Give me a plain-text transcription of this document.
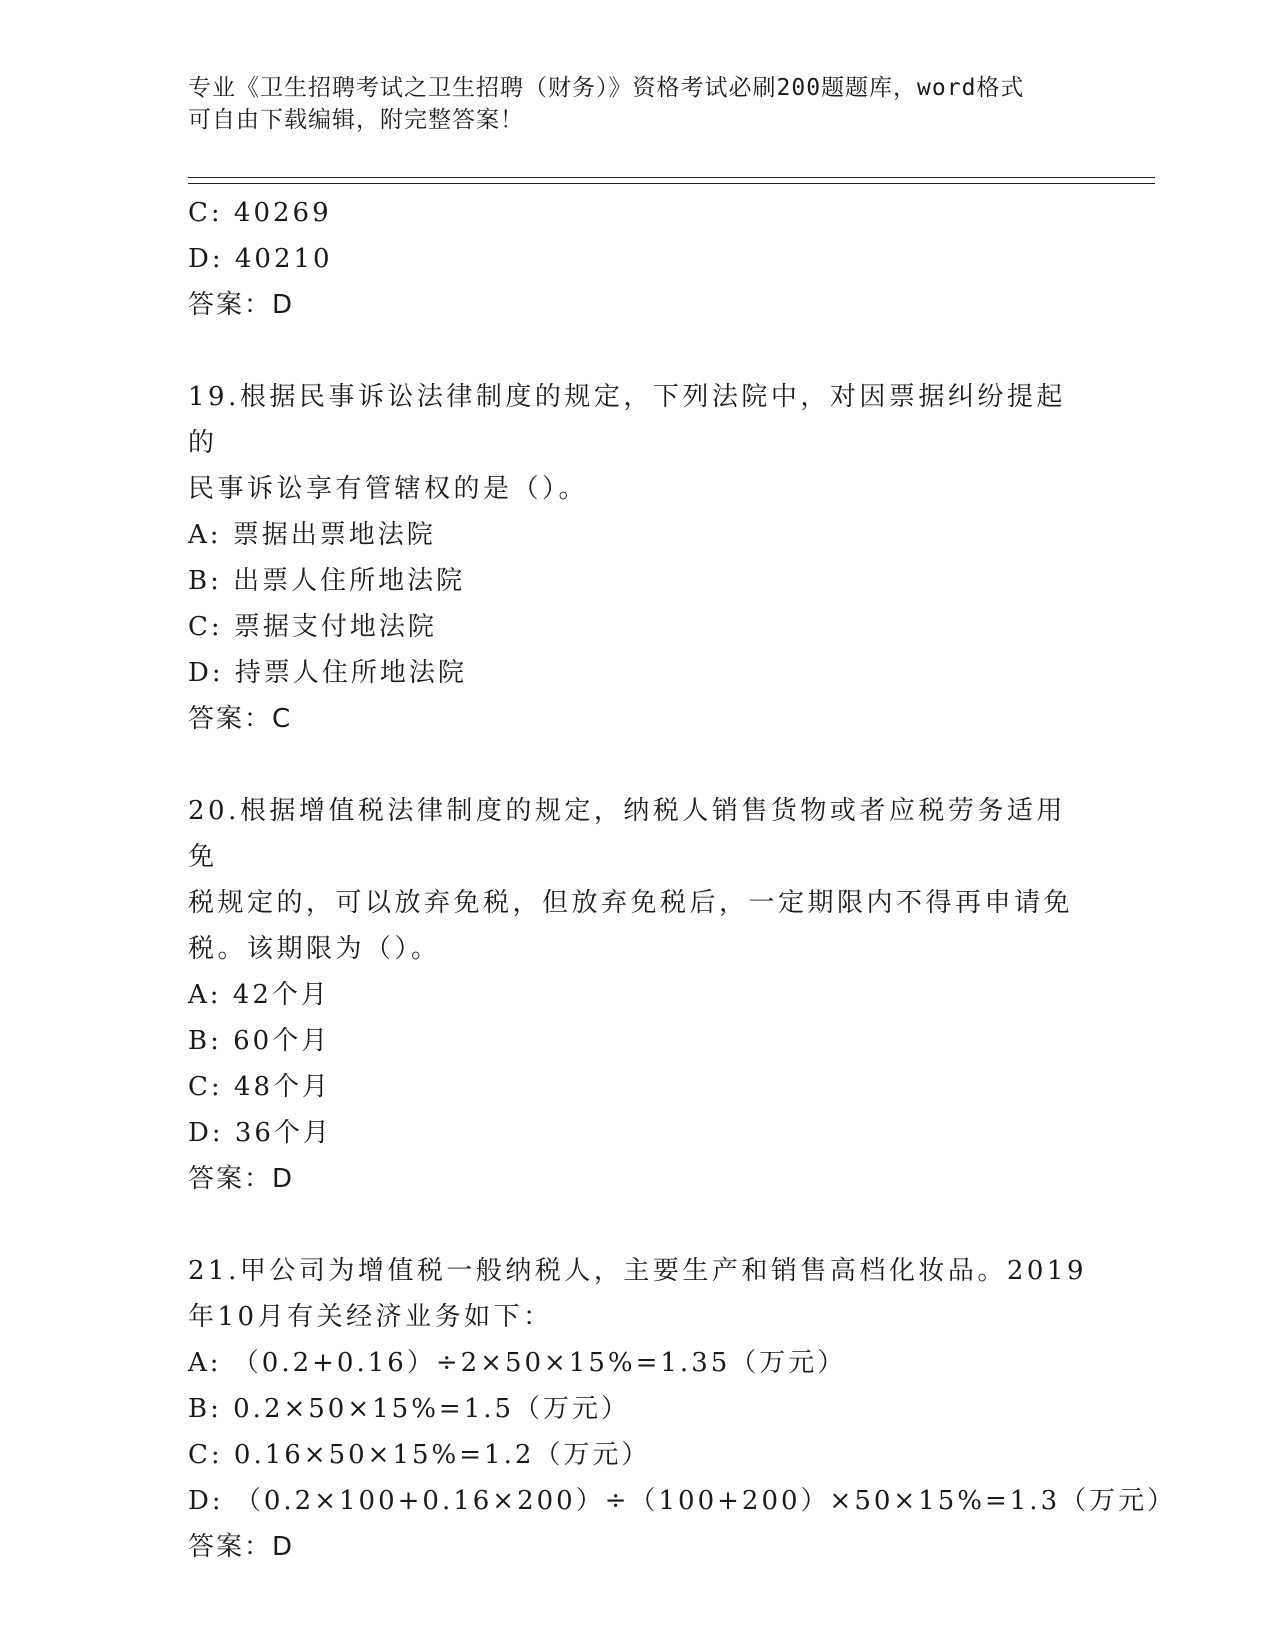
专业《卫生招聘考试之卫生招聘（财务）》资格考试必刷200题题库，word格式
可自由下载编辑，附完整答案！
C: 40269
D: 40210
答案：D
19.根据民事诉讼法律制度的规定，下列法院中，对因票据纠纷提起的
民事诉讼享有管辖权的是（）。
A: 票据出票地法院
B: 出票人住所地法院
C: 票据支付地法院
D: 持票人住所地法院
答案：C
20.根据增值税法律制度的规定，纳税人销售货物或者应税劳务适用免
税规定的，可以放弃免税，但放弃免税后，一定期限内不得再申请免
税。该期限为（）。
A: 42个月
B: 60个月
C: 48个月
D: 36个月
答案：D
21.甲公司为增值税一般纳税人，主要生产和销售高档化妆品。2019
年10月有关经济业务如下：
A: （0.2+0.16）÷2×50×15%=1.35（万元）
B: 0.2×50×15%=1.5（万元）
C: 0.16×50×15%=1.2（万元）
D: （0.2×100+0.16×200）÷（100+200）×50×15%=1.3（万元）
答案：D
